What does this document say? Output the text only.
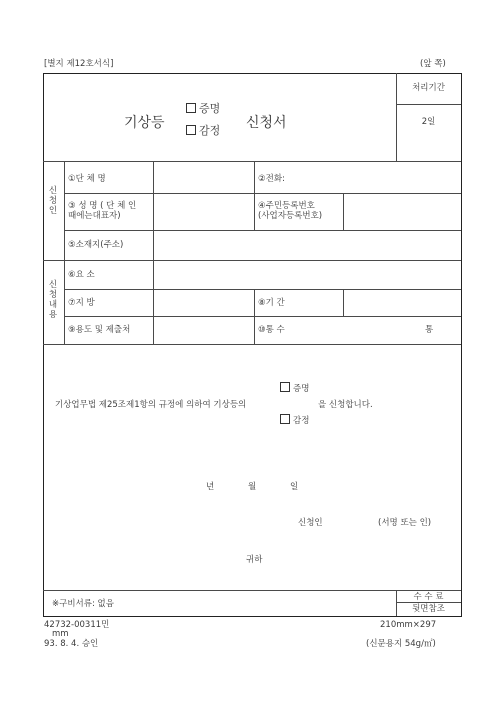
[별지 제12호서식]	(앞 쪽)
기상등
증명
감정 신청서
처리기간
2일
신청인
신청내용
①단 체 명	②전화:
③ 성 명 ( 단 체 인
때에는대표자)
④주민등록번호
(사업자등록번호)
⑤소재지(주소)
⑥요 소
⑦지 방	⑧기 간
⑨용도 및 제출처	⑩통 수	통
증명
기상업무법 제25조제1항의 규정에 의하여 기상등의	을 신청합니다.
감정
년	월	일
신청인	(서명 또는 인)
귀하
※구비서류: 없음
수 수 료
뒷면참조
42732-00311민	210mm×297
mm
93. 8. 4. 승인	(신문용지 54g/㎡)
